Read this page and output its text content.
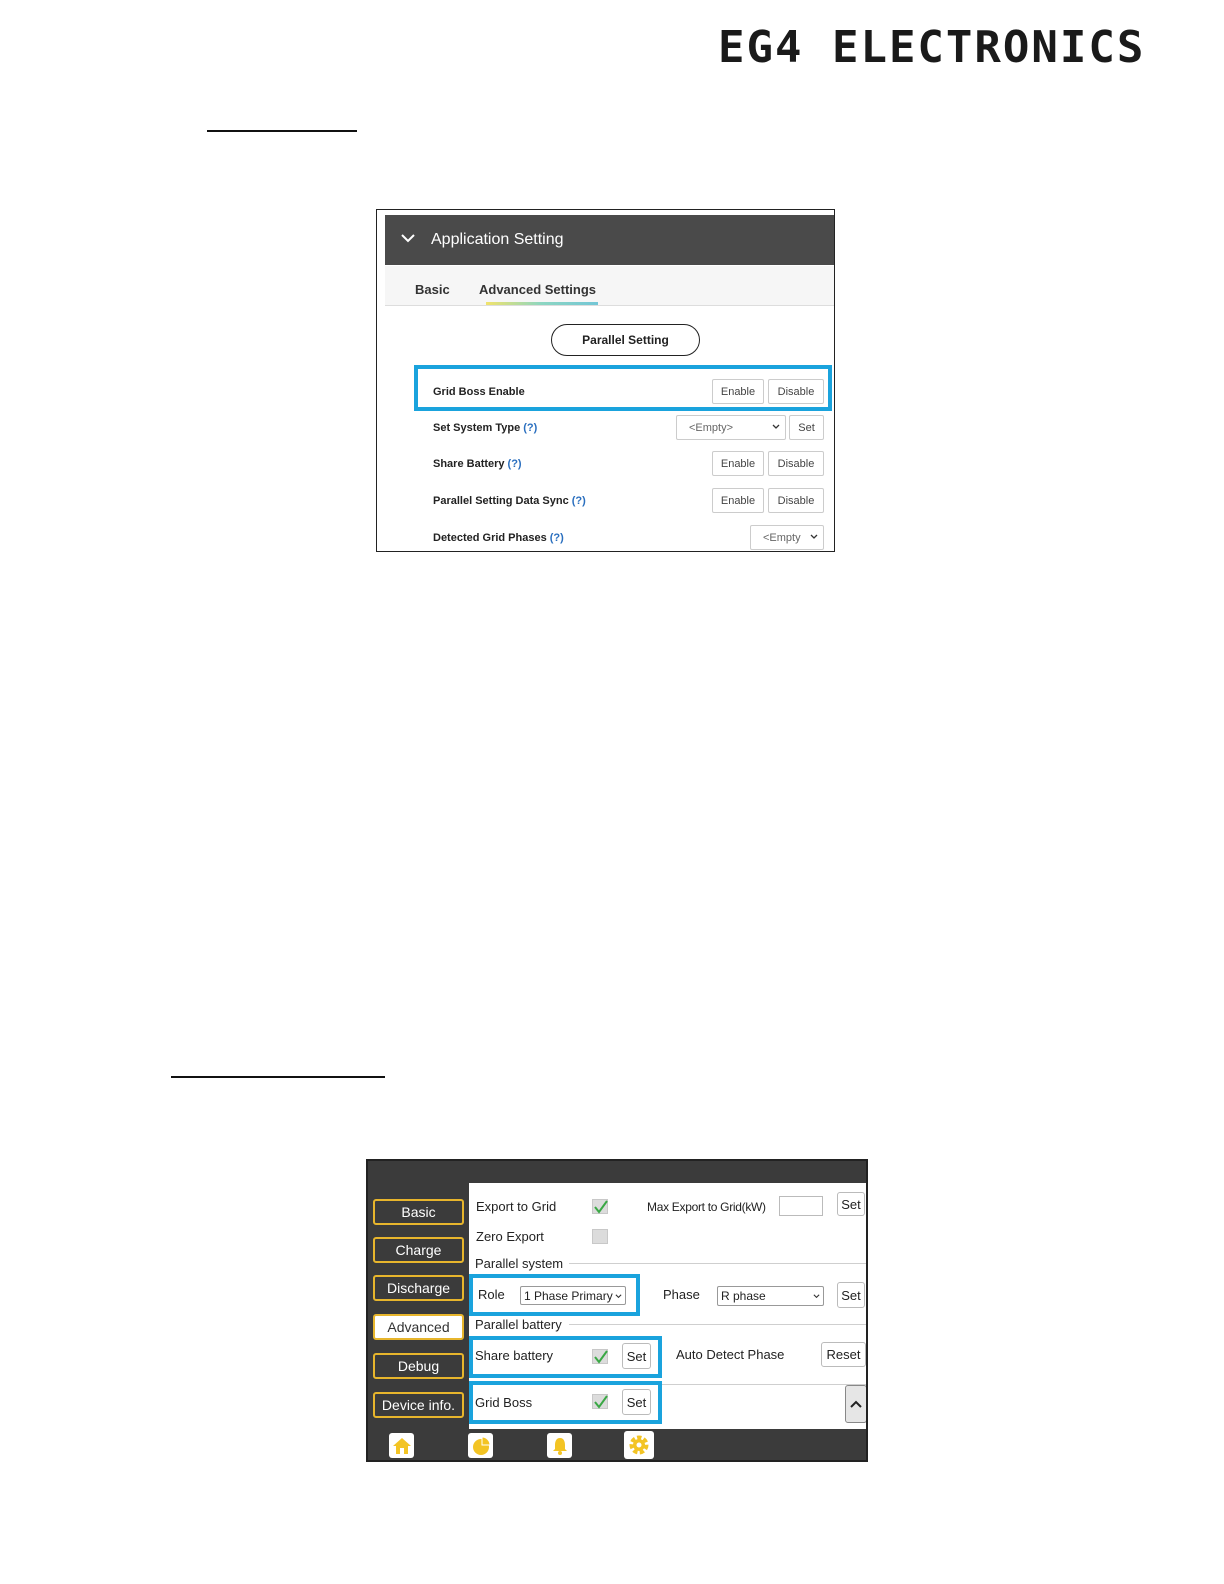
EG4 ELECTRONICS
Application Setting
Basic Advanced Settings
Parallel Setting
Grid Boss Enable	Enable	Disable
Set System Type (?)	<Empty>	Set
Share Battery (?)	Enable	Disable
Parallel Setting Data Sync (?)	Enable	Disable
Detected Grid Phases (?)	<Empty
Basic
Charge
Discharge
Advanced
Debug
Device info.
Export to Grid	Max Export to Grid(kW)	Set
Zero Export
Parallel system
Role 1 Phase Primary	Phase R phase	Set
Parallel battery
Share battery	Set	Auto Detect Phase	Reset
Grid Boss	Set
